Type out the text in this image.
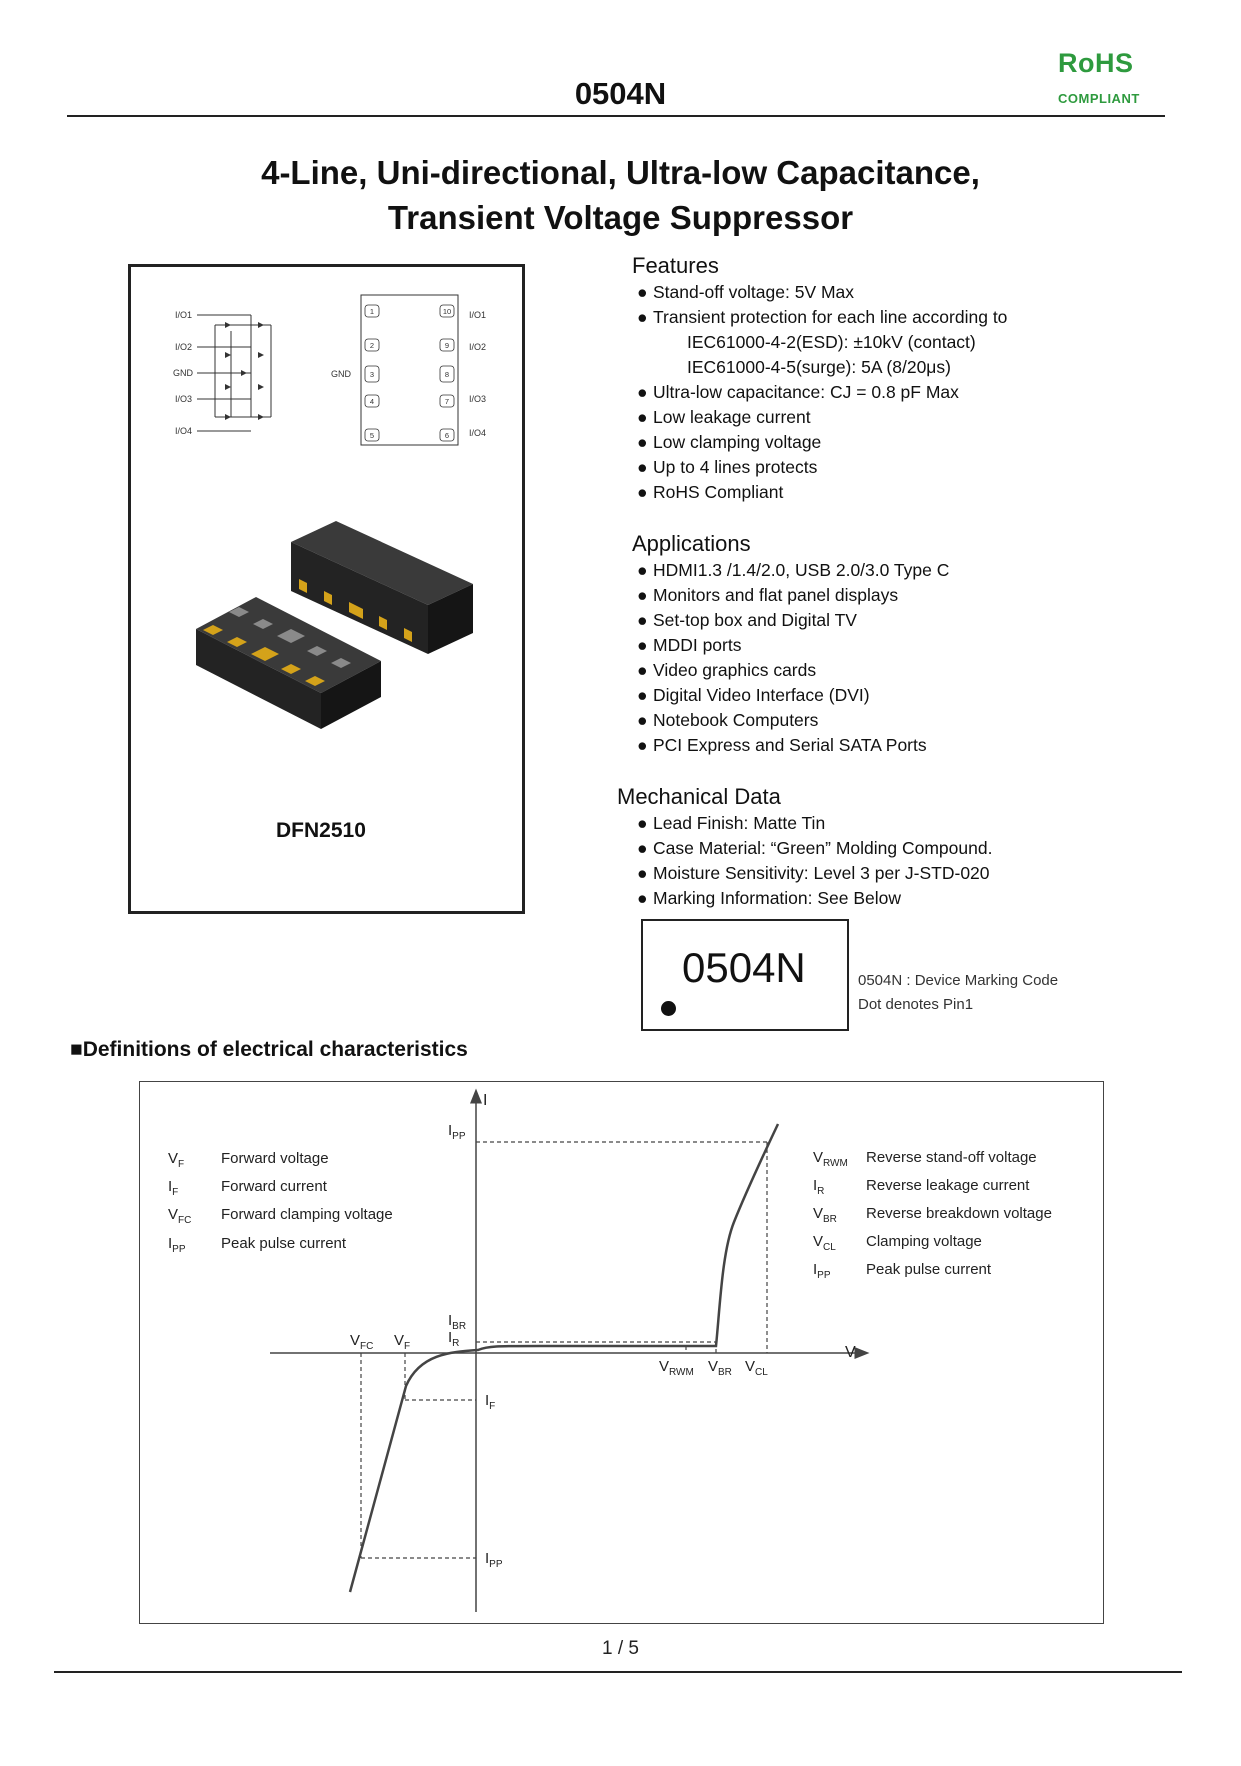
0504N
RoHS
COMPLIANT
4-Line, Uni-directional, Ultra-low Capacitance,
Transient Voltage Suppressor
I/O1
I/O2
GND
I/O3
I/O4
1
2
3
4
5
10
9
8
7
6
GND
I/O1
I/O2
I/O3
I/O4
DFN2510
Features
● Stand-off voltage: 5V Max
● Transient protection for each line according to
IEC61000-4-2(ESD): ±10kV (contact)
IEC61000-4-5(surge): 5A (8/20μs)
● Ultra-low capacitance: CJ = 0.8 pF Max
● Low leakage current
● Low clamping voltage
● Up to 4 lines protects
● RoHS Compliant
Applications
● HDMI1.3 /1.4/2.0, USB 2.0/3.0 Type C
● Monitors and flat panel displays
● Set-top box and Digital TV
● MDDI ports
● Video graphics cards
● Digital Video Interface (DVI)
● Notebook Computers
● PCI Express and Serial SATA Ports
Mechanical Data
● Lead Finish: Matte Tin
● Case Material: “Green” Molding Compound.
● Moisture Sensitivity: Level 3 per J-STD-020
● Marking Information: See Below
0504N	0504N : Device Marking Code
Dot denotes Pin1
■Definitions of electrical characteristics
I
V
$I_{PP}$
$I_{BR}$
$I_R$
$V_{FC}$ $V_F$
$V_{RWM}$ $V_{BR}$ $V_{CL}$
$I_F$
$I_{PP}$
$V_F$ Forward voltage
$I_F$	Forward current
$V_{FC}$ Forward clamping voltage
$I_{PP}$ Peak pulse current
$V_{RWM}$ Reverse stand-off voltage
$I_R$	Reverse leakage current
$V_{BR}$ Reverse breakdown voltage
$V_{CL}$ Clamping voltage
$I_{PP}$ Peak pulse current
1 / 5
